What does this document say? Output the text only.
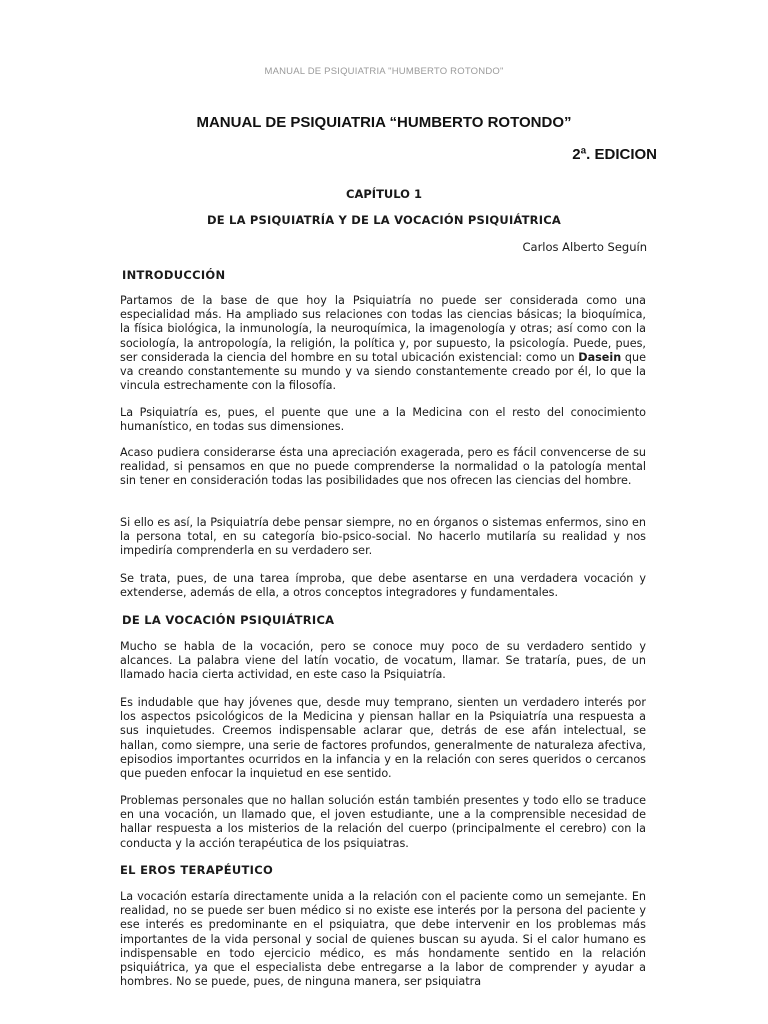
MANUAL DE PSIQUIATRIA "HUMBERTO ROTONDO"
MANUAL DE PSIQUIATRIA “HUMBERTO ROTONDO”
2ª. EDICION
CAPÍTULO 1
DE LA PSIQUIATRÍA Y DE LA VOCACIÓN PSIQUIÁTRICA
Carlos Alberto Seguín
INTRODUCCIÓN

Partamos de la base de que hoy la Psiquiatría no puede ser considerada como una especialidad más. Ha ampliado sus relaciones con todas las ciencias básicas; la bioquímica, la física biológica, la inmunología, la neuroquímica, la imagenología y otras; así como con la sociología, la antropología, la religión, la política y, por supuesto, la psicología. Puede, pues, ser considerada la ciencia del hombre en su total ubicación existencial: como un Dasein que va creando constantemente su mundo y va siendo constantemente creado por él, lo que la vincula estrechamente con la filosofía.

La Psiquiatría es, pues, el puente que une a la Medicina con el resto del conocimiento humanístico, en todas sus dimensiones.

Acaso pudiera considerarse ésta una apreciación exagerada, pero es fácil convencerse de su realidad, si pensamos en que no puede comprenderse la normalidad o la patología mental sin tener en consideración todas las posibilidades que nos ofrecen las ciencias del hombre.

Si ello es así, la Psiquiatría debe pensar siempre, no en órganos o sistemas enfermos, sino en la persona total, en su categoría bio-psico-social. No hacerlo mutilaría su realidad y nos impediría comprenderla en su verdadero ser.

Se trata, pues, de una tarea ímproba, que debe asentarse en una verdadera vocación y extenderse, además de ella, a otros conceptos integradores y fundamentales.

DE LA VOCACIÓN PSIQUIÁTRICA

Mucho se habla de la vocación, pero se conoce muy poco de su verdadero sentido y alcances. La palabra viene del latín vocatio, de vocatum, llamar. Se trataría, pues, de un llamado hacia cierta actividad, en este caso la Psiquiatría.

Es indudable que hay jóvenes que, desde muy temprano, sienten un verdadero interés por los aspectos psicológicos de la Medicina y piensan hallar en la Psiquiatría una respuesta a sus inquietudes. Creemos indispensable aclarar que, detrás de ese afán intelectual, se hallan, como siempre, una serie de factores profundos, generalmente de naturaleza afectiva, episodios importantes ocurridos en la infancia y en la relación con seres queridos o cercanos que pueden enfocar la inquietud en ese sentido.

Problemas personales que no hallan solución están también presentes y todo ello se traduce en una vocación, un llamado que, el joven estudiante, une a la comprensible necesidad de hallar respuesta a los misterios de la relación del cuerpo (principalmente el cerebro) con la conducta y la acción terapéutica de los psiquiatras.

EL EROS TERAPÉUTICO

La vocación estaría directamente unida a la relación con el paciente como un semejante. En realidad, no se puede ser buen médico si no existe ese interés por la persona del paciente y ese interés es predominante en el psiquiatra, que debe intervenir en los problemas más importantes de la vida personal y social de quienes buscan su ayuda. Si el calor humano es indispensable en todo ejercicio médico, es más hondamente sentido en la relación psiquiátrica, ya que el especialista debe entregarse a la labor de comprender y ayudar a hombres. No se puede, pues, de ninguna manera, ser psiquiatra
